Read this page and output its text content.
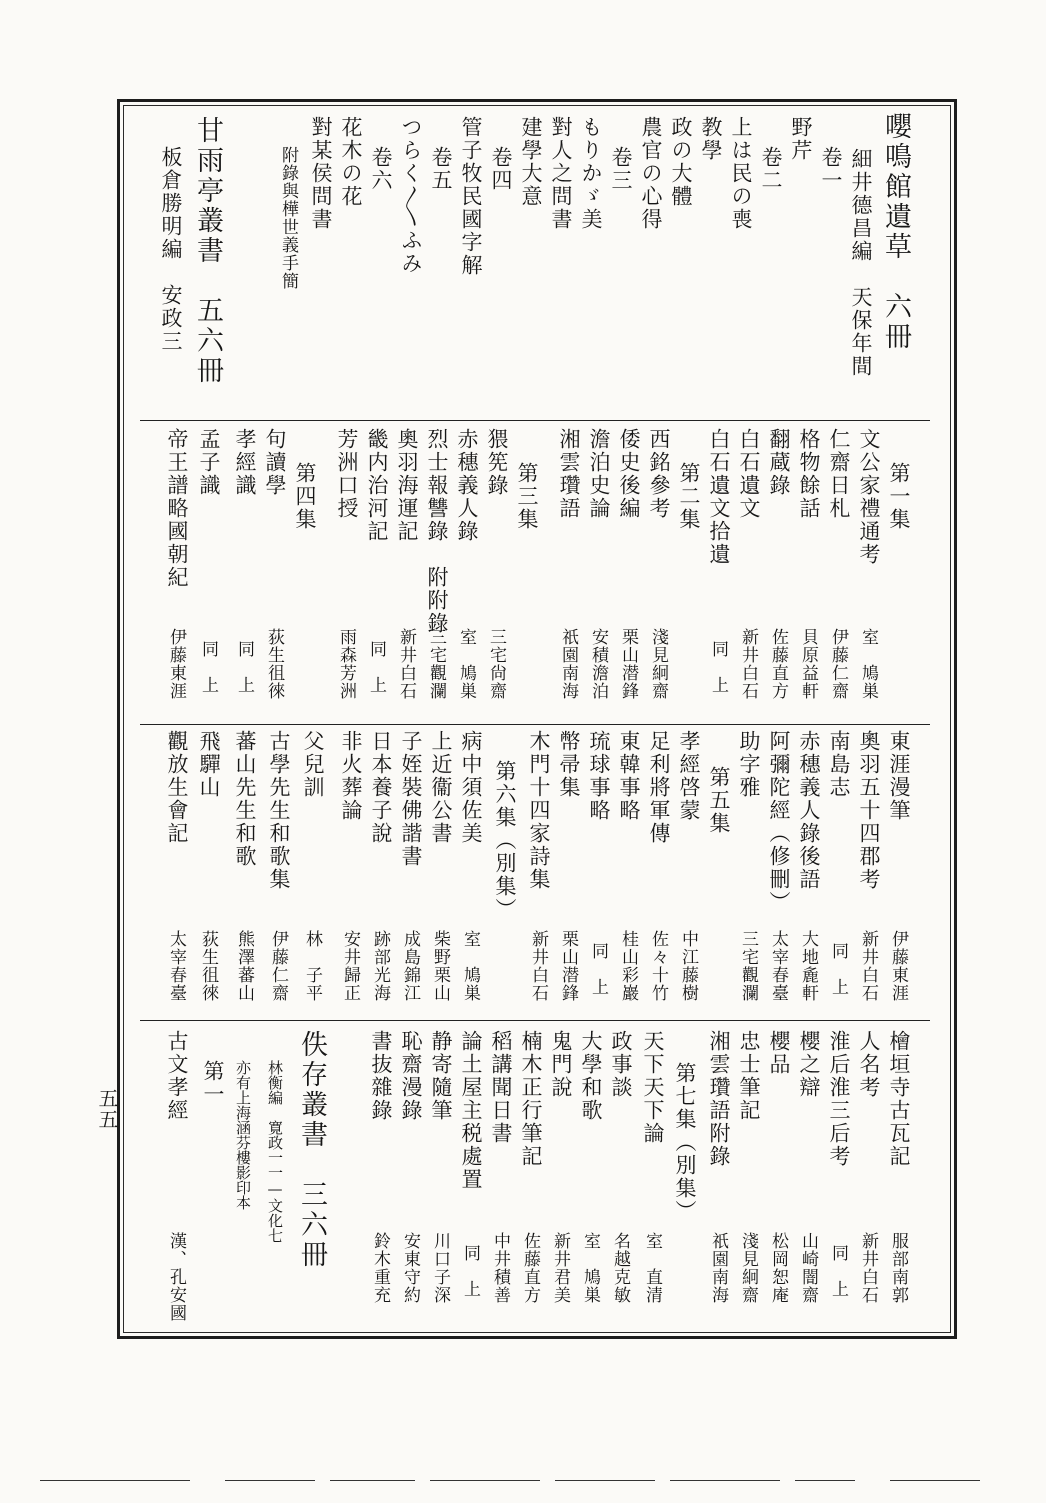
嚶鳴館遺草　六冊
細井德昌編　天保年間
卷一
野芹
卷二
上は民の喪
教學
政の大體
農官の心得
卷三
もりかゞ美
對人之問書
建學大意
卷四
管子牧民國字解
卷五
つらく〳〵ふみ
卷六
花木の花
對某侯問書
附錄與樺世義手簡
甘雨亭叢書　五六冊
板倉勝明編　安政三
第一集
文公家禮通考
室　鳩巣
仁齋日札
伊藤仁齋
格物餘話
貝原益軒
翻蔵錄
佐藤直方
白石遺文
新井白石
白石遺文拾遺
同　上
第二集
西銘參考
淺見絅齋
倭史後編
栗山潜鋒
澹泊史論
安積澹泊
湘雲瓚語
祇園南海
第三集
猥筅錄
三宅尙齋
赤穗義人錄
室　鳩巣
烈士報讐錄　附附錄
三宅觀瀾
奧羽海運記
新井白石
畿内治河記
同　上
芳洲口授
雨森芳洲
第四集
句讀學
荻生徂徠
孝經識
同　上
孟子識
同　上
帝王譜略國朝紀
伊藤東涯
東涯漫筆
伊藤東涯
奧羽五十四郡考
新井白石
南島志
同　上
赤穗義人錄後語
大地麁軒
阿彌陀經（修刪）
太宰春臺
助字雅
三宅觀瀾
第五集
孝經啓蒙
中江藤樹
足利將軍傳
佐々十竹
東韓事略
桂山彩巖
琉球事略
同　上
幣帚集
栗山潜鋒
木門十四家詩集
新井白石
第六集（別集）
病中須佐美
室　鳩巣
上近衞公書
柴野栗山
子姪裝佛諧書
成島錦江
日本養子說
跡部光海
非火葬論
安井歸正
父兒訓
林　子平
古學先生和歌集
伊藤仁齋
蕃山先生和歌
熊澤蕃山
飛驒山
荻生徂徠
觀放生會記
太宰春臺
檜垣寺古瓦記
服部南郭
人名考
新井白石
淮后淮三后考
同　上
櫻之辯
山崎闇齋
櫻品
松岡恕庵
忠士筆記
淺見絅齋
湘雲瓚語附錄
祇園南海
第七集（別集）
天下天下論
室　直清
政事談
名越克敏
大學和歌
室　鳩巣
鬼門說
新井君美
楠木正行筆記
佐藤直方
稻講聞日書
中井積善
論土屋主税處置
同　上
静寄隨筆
川口子深
恥齋漫錄
安東守約
書抜雜錄
鈴木重充
佚存叢書　三六冊
林衡編　寛政一一—文化七
亦有上海涵芬樓影印本
第一
古文孝經
漢、孔安國
五五
